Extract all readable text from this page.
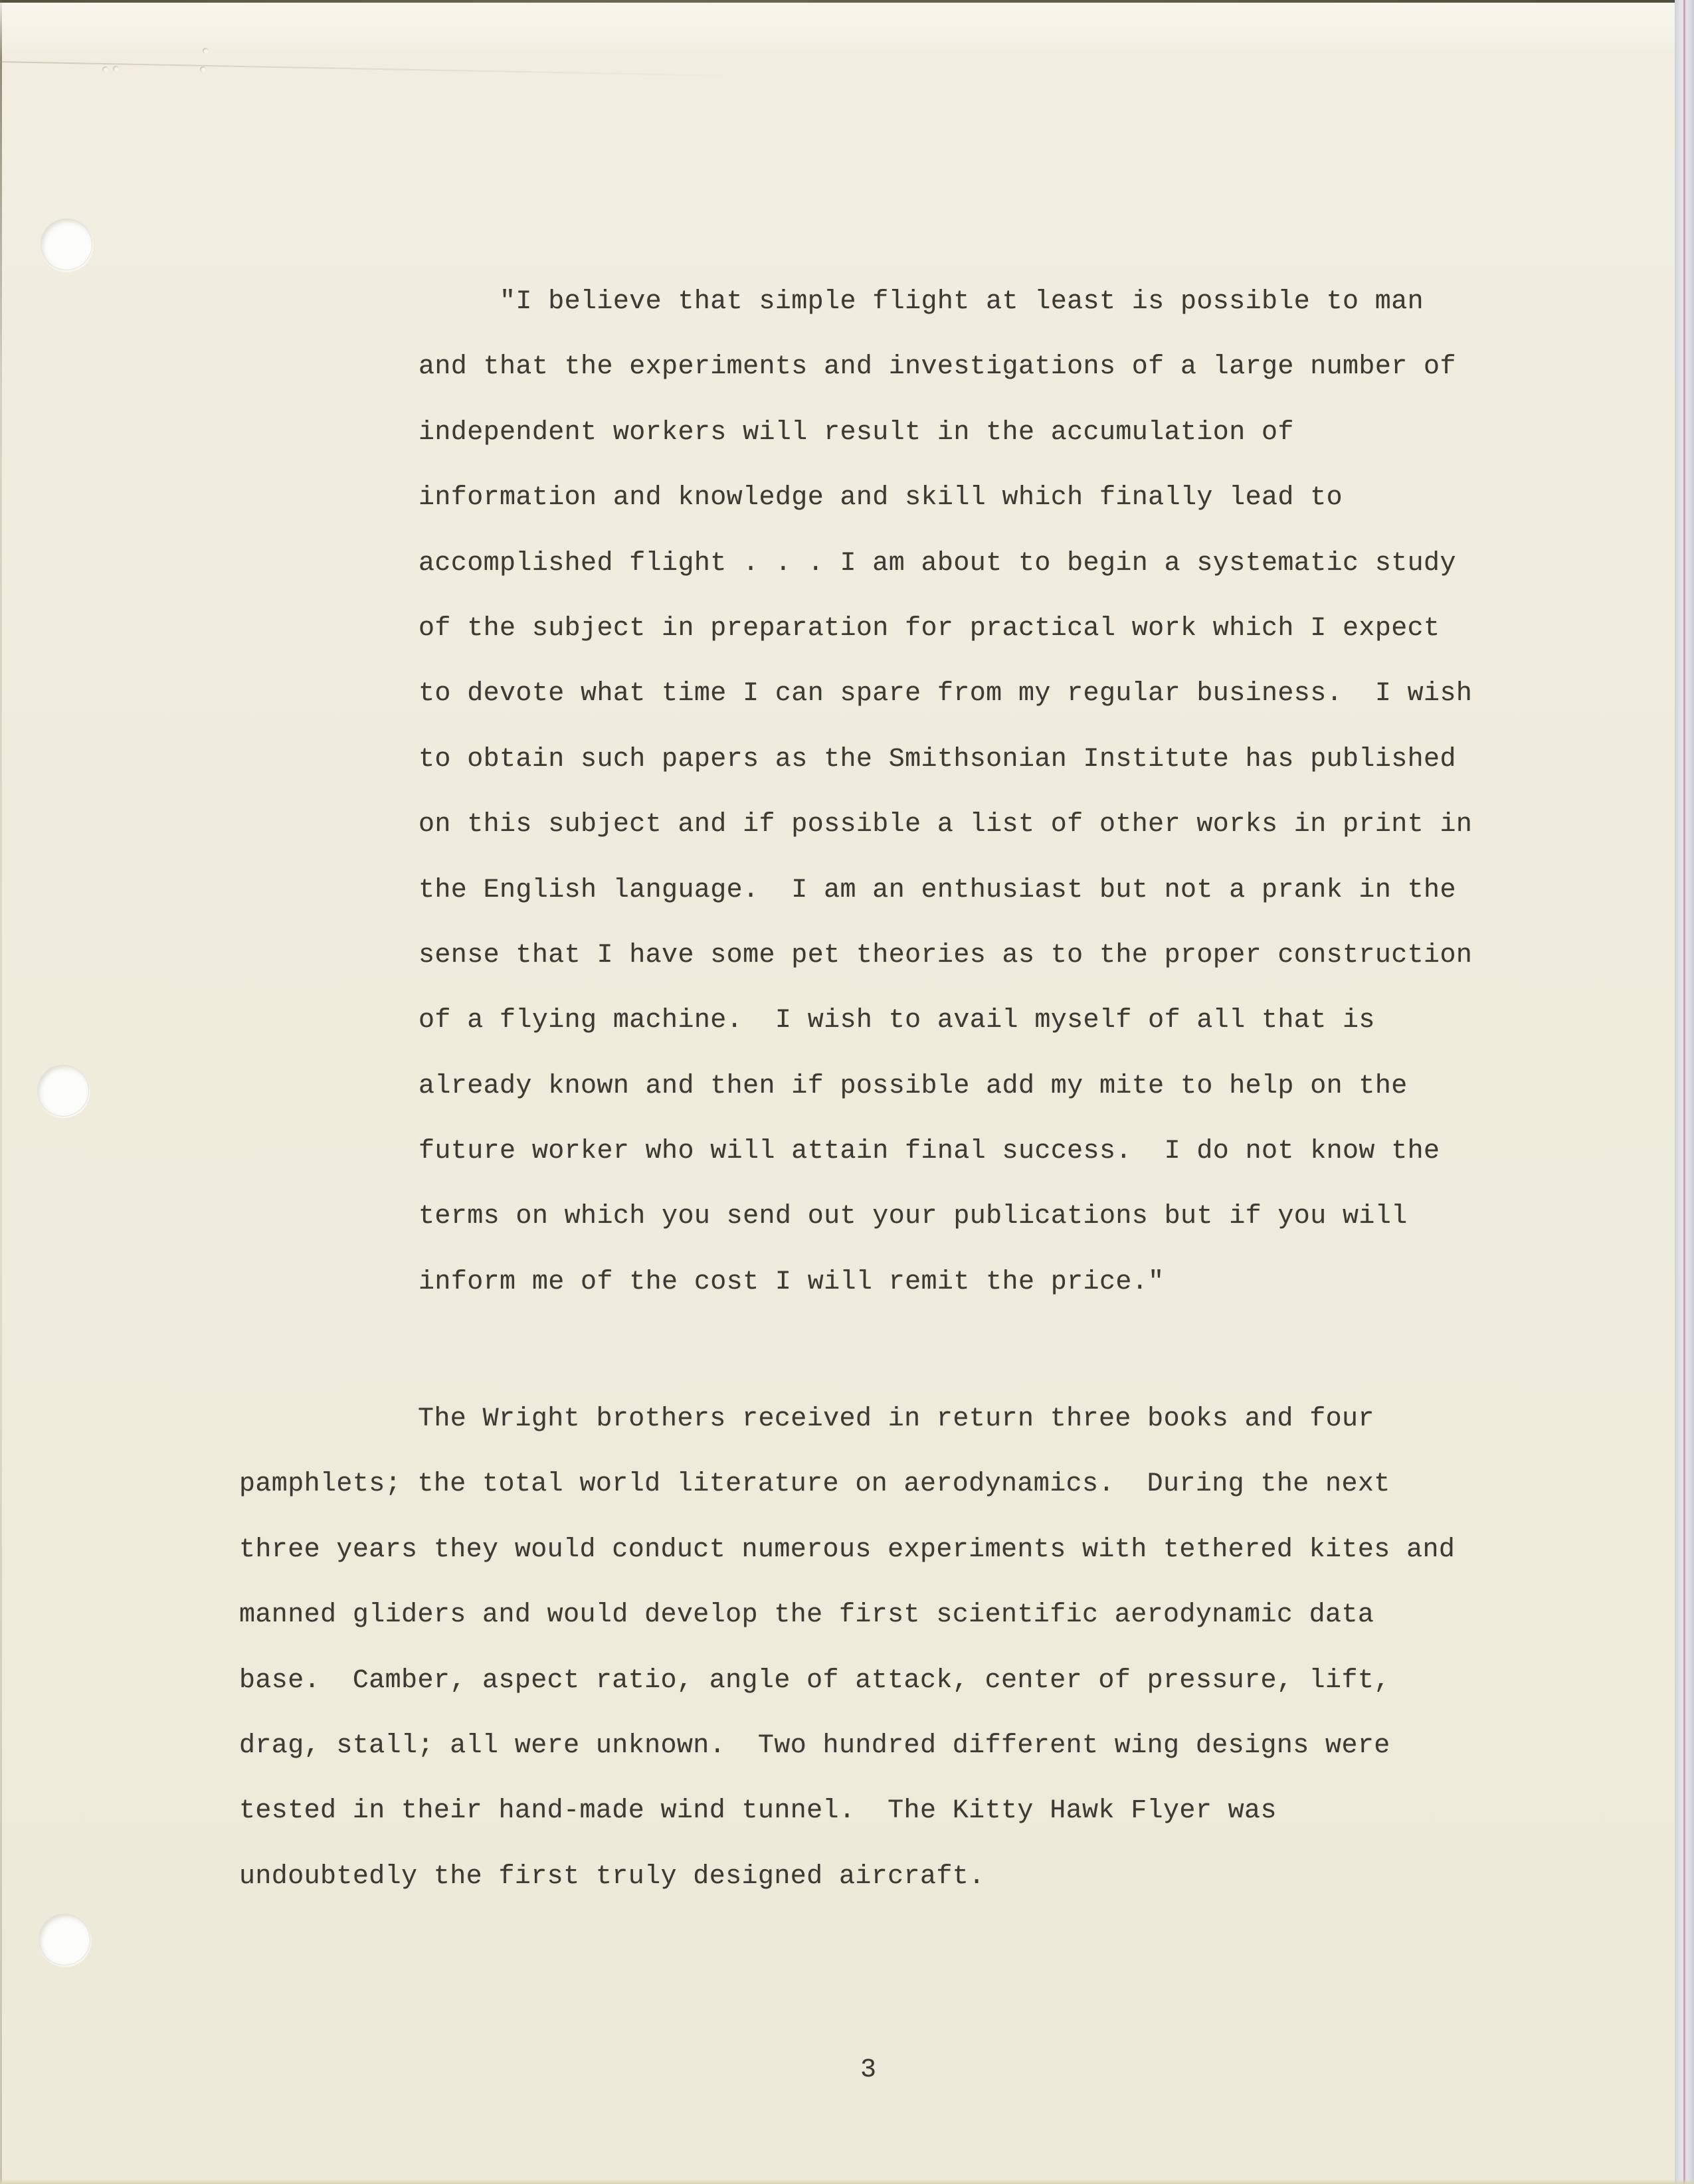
"I believe that simple flight at least is possible to man
and that the experiments and investigations of a large number of
independent workers will result in the accumulation of
information and knowledge and skill which finally lead to
accomplished flight . . . I am about to begin a systematic study
of the subject in preparation for practical work which I expect
to devote what time I can spare from my regular business.  I wish
to obtain such papers as the Smithsonian Institute has published
on this subject and if possible a list of other works in print in
the English language.  I am an enthusiast but not a prank in the
sense that I have some pet theories as to the proper construction
of a flying machine.  I wish to avail myself of all that is
already known and then if possible add my mite to help on the
future worker who will attain final success.  I do not know the
terms on which you send out your publications but if you will
inform me of the cost I will remit the price."
The Wright brothers received in return three books and four
pamphlets; the total world literature on aerodynamics.  During the next
three years they would conduct numerous experiments with tethered kites and
manned gliders and would develop the first scientific aerodynamic data
base.  Camber, aspect ratio, angle of attack, center of pressure, lift,
drag, stall; all were unknown.  Two hundred different wing designs were
tested in their hand-made wind tunnel.  The Kitty Hawk Flyer was
undoubtedly the first truly designed aircraft.
3
